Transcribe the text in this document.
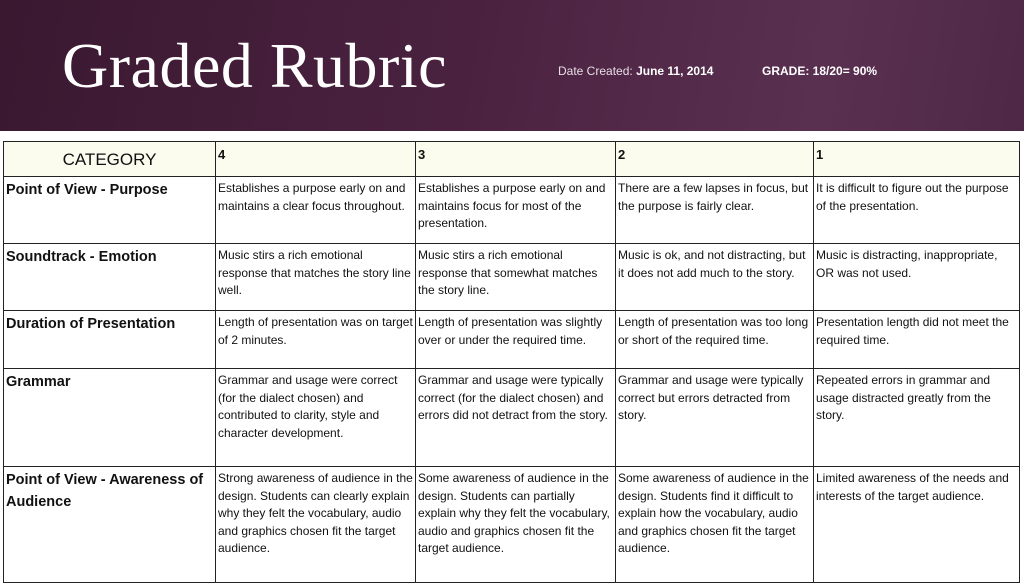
Graded Rubric	Date Created: June 11, 2014	GRADE: 18/20= 90%
CATEGORY	4	3	2	1
Point of View - Purpose	Establishes a purpose early on and maintains a clear focus throughout.	Establishes a purpose early on and maintains focus for most of the presentation.	There are a few lapses in focus, but the purpose is fairly clear.	It is difficult to figure out the purpose of the presentation.
Soundtrack - Emotion	Music stirs a rich emotional response that matches the story line well.	Music stirs a rich emotional response that somewhat matches the story line.	Music is ok, and not distracting, but it does not add much to the story.	Music is distracting, inappropriate, OR was not used.
Duration of Presentation	Length of presentation was on target of 2 minutes.	Length of presentation was slightly over or under the required time.	Length of presentation was too long or short of the required time.	Presentation length did not meet the required time.
Grammar	Grammar and usage were correct (for the dialect chosen) and contributed to clarity, style and character development.	Grammar and usage were typically correct (for the dialect chosen) and errors did not detract from the story.	Grammar and usage were typically correct but errors detracted from story.	Repeated errors in grammar and usage distracted greatly from the story.
Point of View - Awareness of Audience	Strong awareness of audience in the design. Students can clearly explain why they felt the vocabulary, audio and graphics chosen fit the target audience.	Some awareness of audience in the design. Students can partially explain why they felt the vocabulary, audio and graphics chosen fit the target audience.	Some awareness of audience in the design. Students find it difficult to explain how the vocabulary, audio and graphics chosen fit the target audience.	Limited awareness of the needs and interests of the target audience.
